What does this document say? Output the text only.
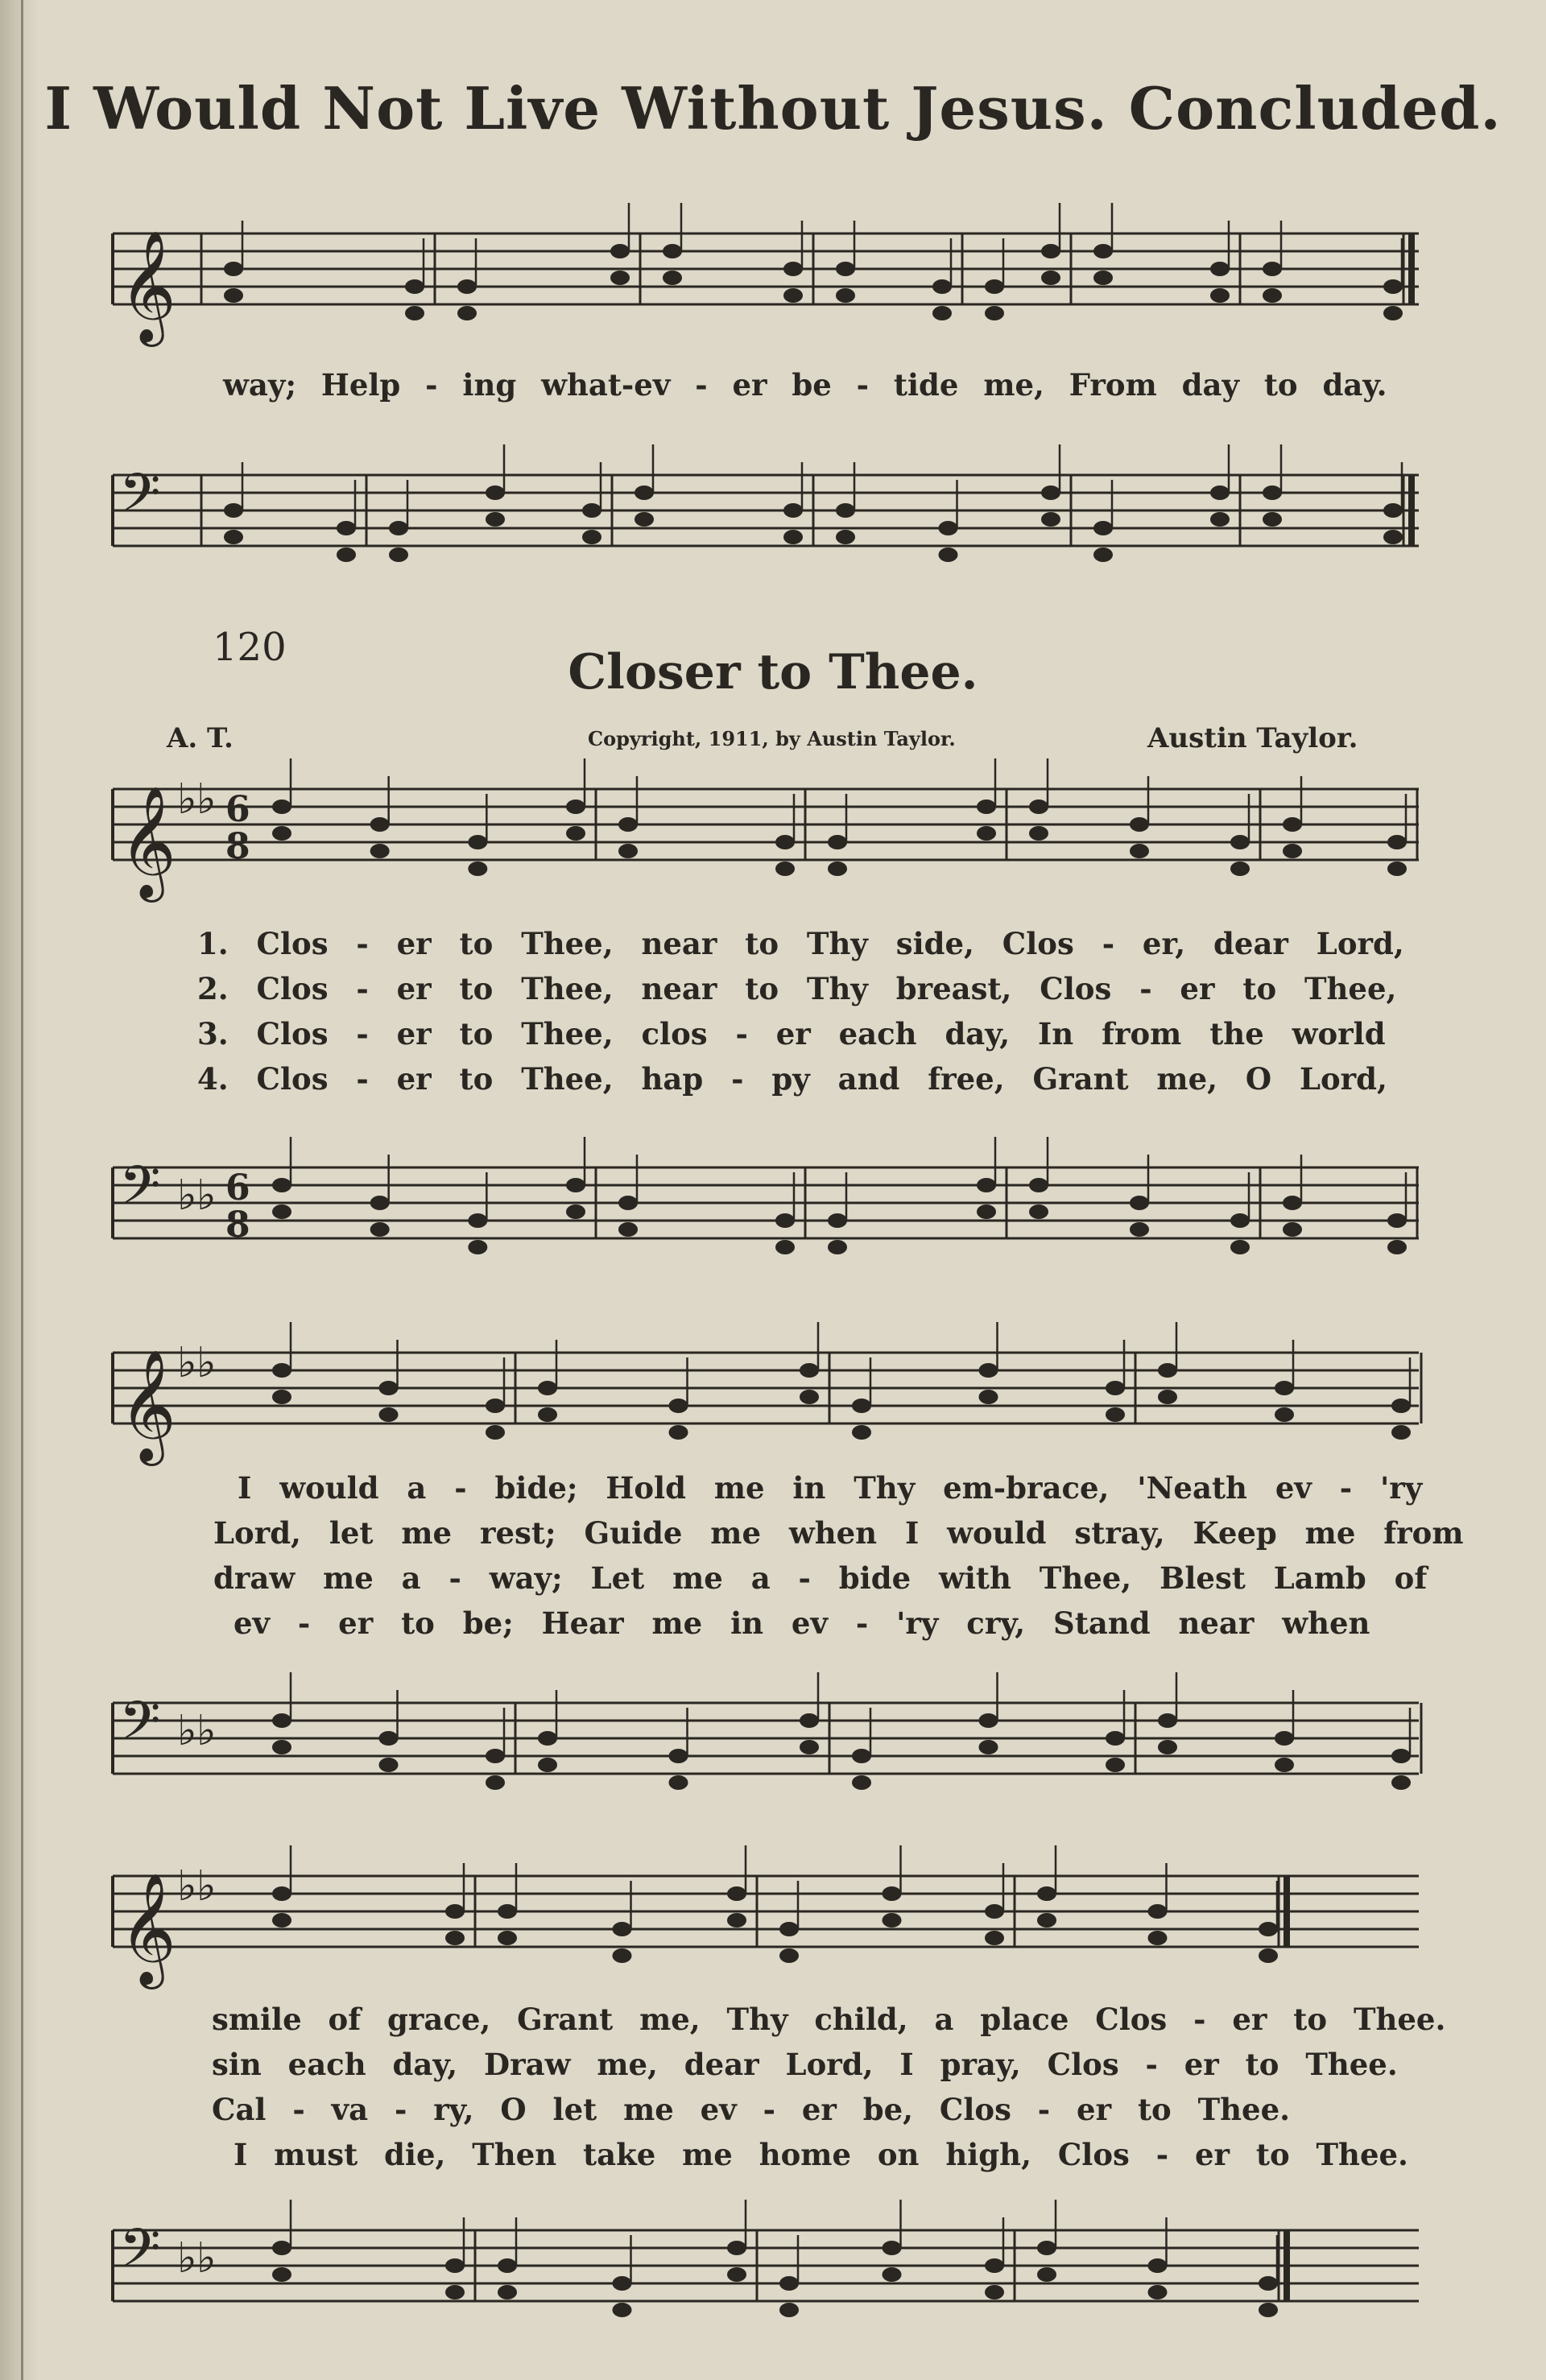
I Would Not Live Without Jesus. Concluded.
𝄞
way; Help - ing what-ev - er be - tide me, From day to day.
𝄢
120	Closer to Thee.
A. T.	Copyright, 1911, by Austin Taylor.	Austin Taylor.
𝄞 ♭ ♭ 6
8
1. Clos - er to Thee, near to Thy side, Clos - er, dear Lord,
2. Clos - er to Thee, near to Thy breast, Clos - er to Thee,
3. Clos - er to Thee, clos - er each day, In from the world
4. Clos - er to Thee, hap - py and free, Grant me, O Lord,
𝄢 ♭ ♭ 6
8
𝄞 ♭ ♭
I would a - bide; Hold me in Thy em-brace, 'Neath ev - 'ry
Lord, let me rest; Guide me when I would stray, Keep me from
draw me a - way; Let me a - bide with Thee, Blest Lamb of
ev - er to be; Hear me in ev - 'ry cry, Stand near when
𝄢 ♭ ♭
𝄞 ♭ ♭
smile of grace, Grant me, Thy child, a place Clos - er to Thee.
sin each day, Draw me, dear Lord, I pray, Clos - er to Thee.
Cal - va - ry, O let me ev - er be, Clos - er to Thee.
I must die, Then take me home on high, Clos - er to Thee.
𝄢 ♭ ♭
